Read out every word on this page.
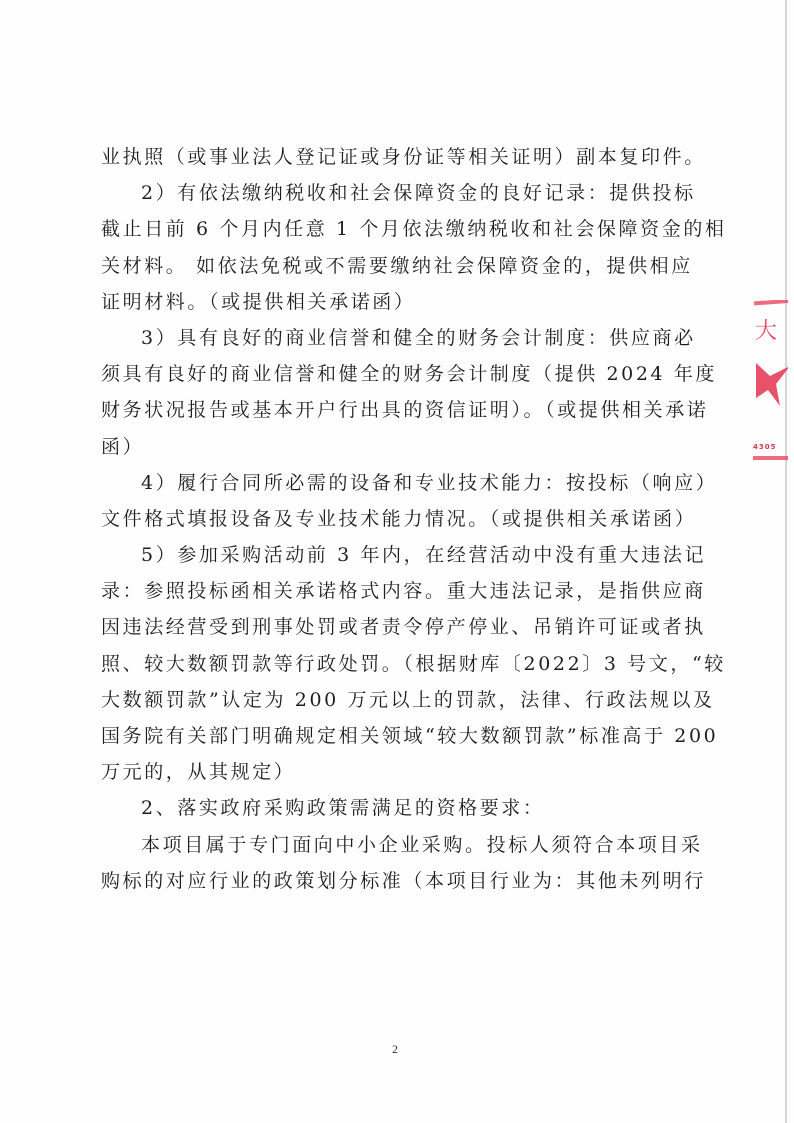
业执照（或事业法人登记证或身份证等相关证明）副本复印件。
2）有依法缴纳税收和社会保障资金的良好记录：提供投标
截止日前 6 个月内任意 1 个月依法缴纳税收和社会保障资金的相
关材料。 如依法免税或不需要缴纳社会保障资金的，提供相应
证明材料。（或提供相关承诺函）
3）具有良好的商业信誉和健全的财务会计制度：供应商必
须具有良好的商业信誉和健全的财务会计制度（提供 2024 年度
财务状况报告或基本开户行出具的资信证明）。（或提供相关承诺
函）
4）履行合同所必需的设备和专业技术能力：按投标（响应）
文件格式填报设备及专业技术能力情况。（或提供相关承诺函）
5）参加采购活动前 3 年内，在经营活动中没有重大违法记
录：参照投标函相关承诺格式内容。重大违法记录，是指供应商
因违法经营受到刑事处罚或者责令停产停业、吊销许可证或者执
照、较大数额罚款等行政处罚。（根据财库〔2022〕3 号文，“较
大数额罚款”认定为 200 万元以上的罚款，法律、行政法规以及
国务院有关部门明确规定相关领域“较大数额罚款”标准高于 200
万元的，从其规定）
2、落实政府采购政策需满足的资格要求：
本项目属于专门面向中小企业采购。投标人须符合本项目采
购标的对应行业的政策划分标准（本项目行业为：其他未列明行
大
4305
2
